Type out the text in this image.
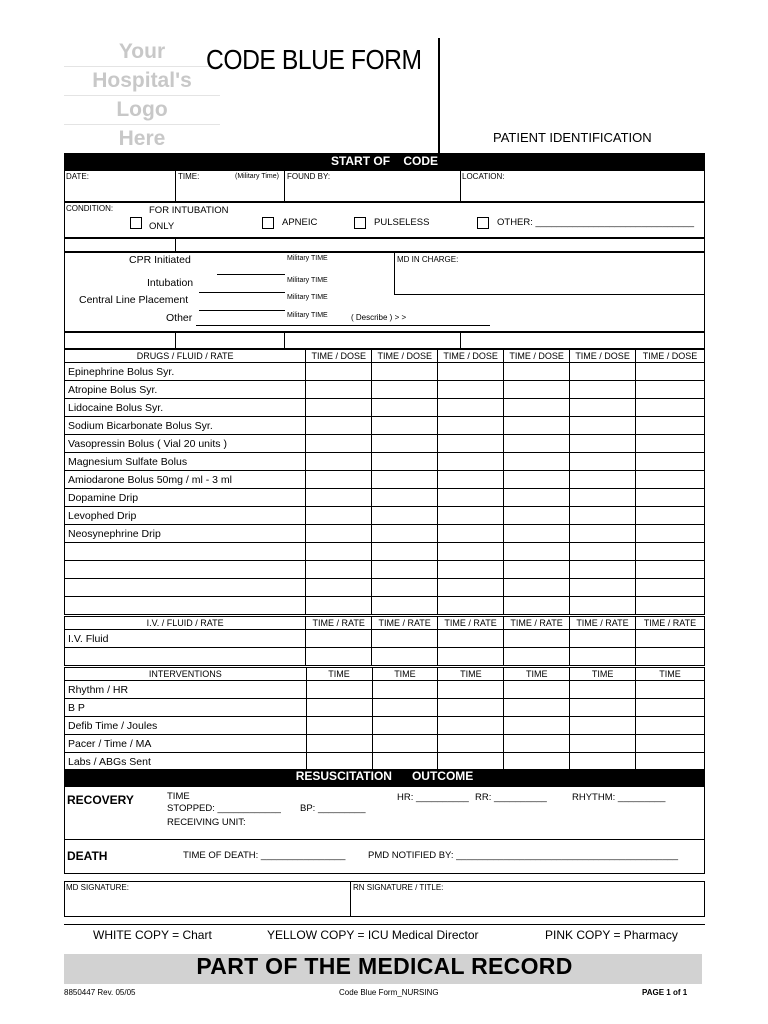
Your
Hospital's
Logo
Here
CODE BLUE FORM
PATIENT IDENTIFICATION
START OF    CODE
DATE:	TIME:	(Military Time) FOUND BY:	LOCATION:
CONDITION:	FOR INTUBATION
ONLY	APNEIC	PULSELESS	OTHER: ______________________________
CPR Initiated	Military TIME	MD IN CHARGE:
Intubation	Military TIME
Central Line Placement	Military TIME
Other	Military TIME	( Describe ) > >
DRUGS / FLUID / RATE	TIME / DOSE	TIME / DOSE	TIME / DOSE	TIME / DOSE	TIME / DOSE	TIME / DOSE
Epinephrine Bolus Syr.						
Atropine Bolus Syr.						
Lidocaine Bolus Syr.						
Sodium Bicarbonate Bolus Syr.						
Vasopressin Bolus ( Vial 20 units )						
Magnesium Sulfate Bolus						
Amiodarone Bolus 50mg / ml - 3 ml						
Dopamine Drip						
Levophed Drip						
Neosynephrine Drip						

I.V. / FLUID / RATE	TIME / RATE	TIME / RATE	TIME / RATE	TIME / RATE	TIME / RATE	TIME / RATE
I.V. Fluid						

INTERVENTIONS	TIME	TIME	TIME	TIME	TIME	TIME
Rhythm / HR						
B P						
Defib Time / Joules						
Pacer / Time / MA						
Labs / ABGs Sent						
RESUSCITATION      OUTCOME
RECOVERY	TIME
STOPPED: ____________ BP: _________
HR: __________ RR: __________	RHYTHM: _________
RECEIVING UNIT:
DEATH	TIME OF DEATH: ________________ PMD NOTIFIED BY: __________________________________________
MD SIGNATURE:	RN SIGNATURE / TITLE:
WHITE COPY = Chart	YELLOW COPY = ICU Medical Director	PINK COPY = Pharmacy
PART OF THE MEDICAL RECORD
8850447 Rev. 05/05	Code Blue Form_NURSING	PAGE 1 of 1
